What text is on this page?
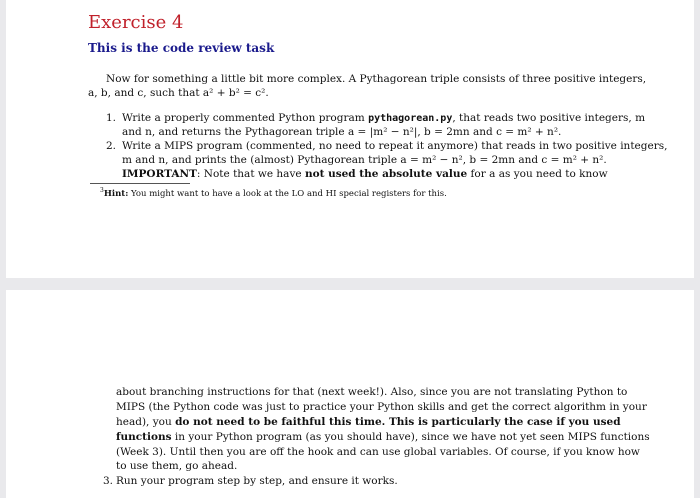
Exercise 4
This is the code review task
Now for something a little bit more complex. A Pythagorean triple consists of three positive integers,
a, b, and c, such that a² + b² = c².
1. Write a properly commented Python program pythagorean.py, that reads two positive integers, m
and n, and returns the Pythagorean triple a = |m² − n²|, b = 2mn and c = m² + n².
2. Write a MIPS program (commented, no need to repeat it anymore) that reads in two positive integers,
m and n, and prints the (almost) Pythagorean triple a = m² − n², b = 2mn and c = m² + n².
IMPORTANT: Note that we have not used the absolute value for a as you need to know
$^3$Hint: You might want to have a look at the LO and HI special registers for this.
about branching instructions for that (next week!). Also, since you are not translating Python to
MIPS (the Python code was just to practice your Python skills and get the correct algorithm in your
head), you do not need to be faithful this time. This is particularly the case if you used
functions in your Python program (as you should have), since we have not yet seen MIPS functions
(Week 3). Until then you are off the hook and can use global variables. Of course, if you know how
to use them, go ahead.
3. Run your program step by step, and ensure it works.
